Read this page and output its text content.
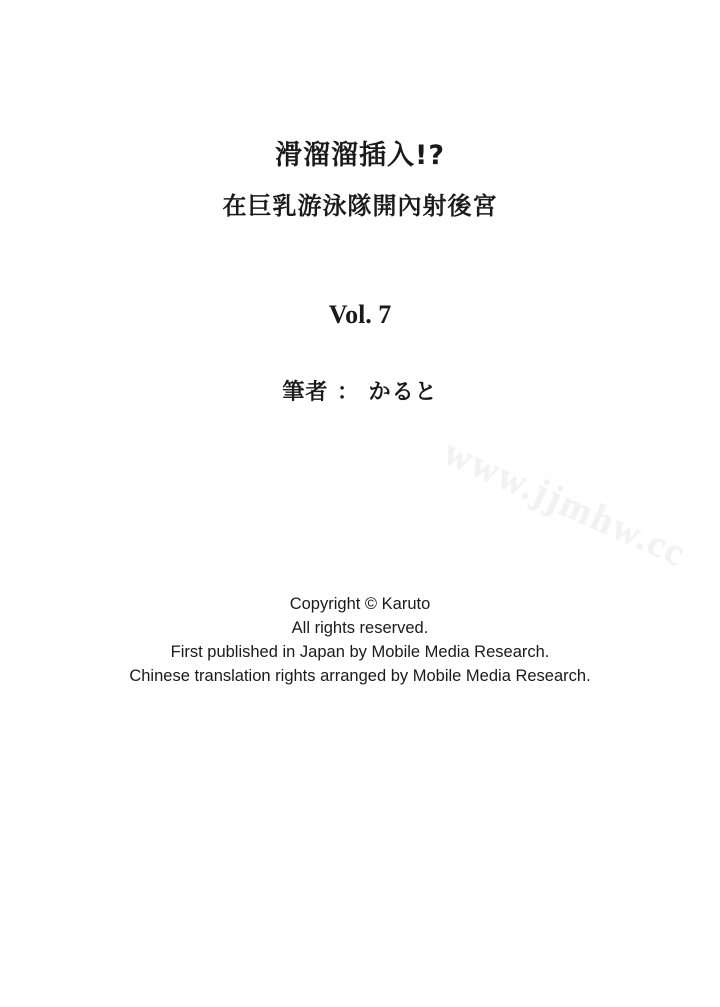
滑溜溜插入!?
在巨乳游泳隊開內射後宮
Vol. 7
筆者 ： かると
www.jjmhw.cc
Copyright © Karuto
All rights reserved.
First published in Japan by Mobile Media Research.
Chinese translation rights arranged by Mobile Media Research.
